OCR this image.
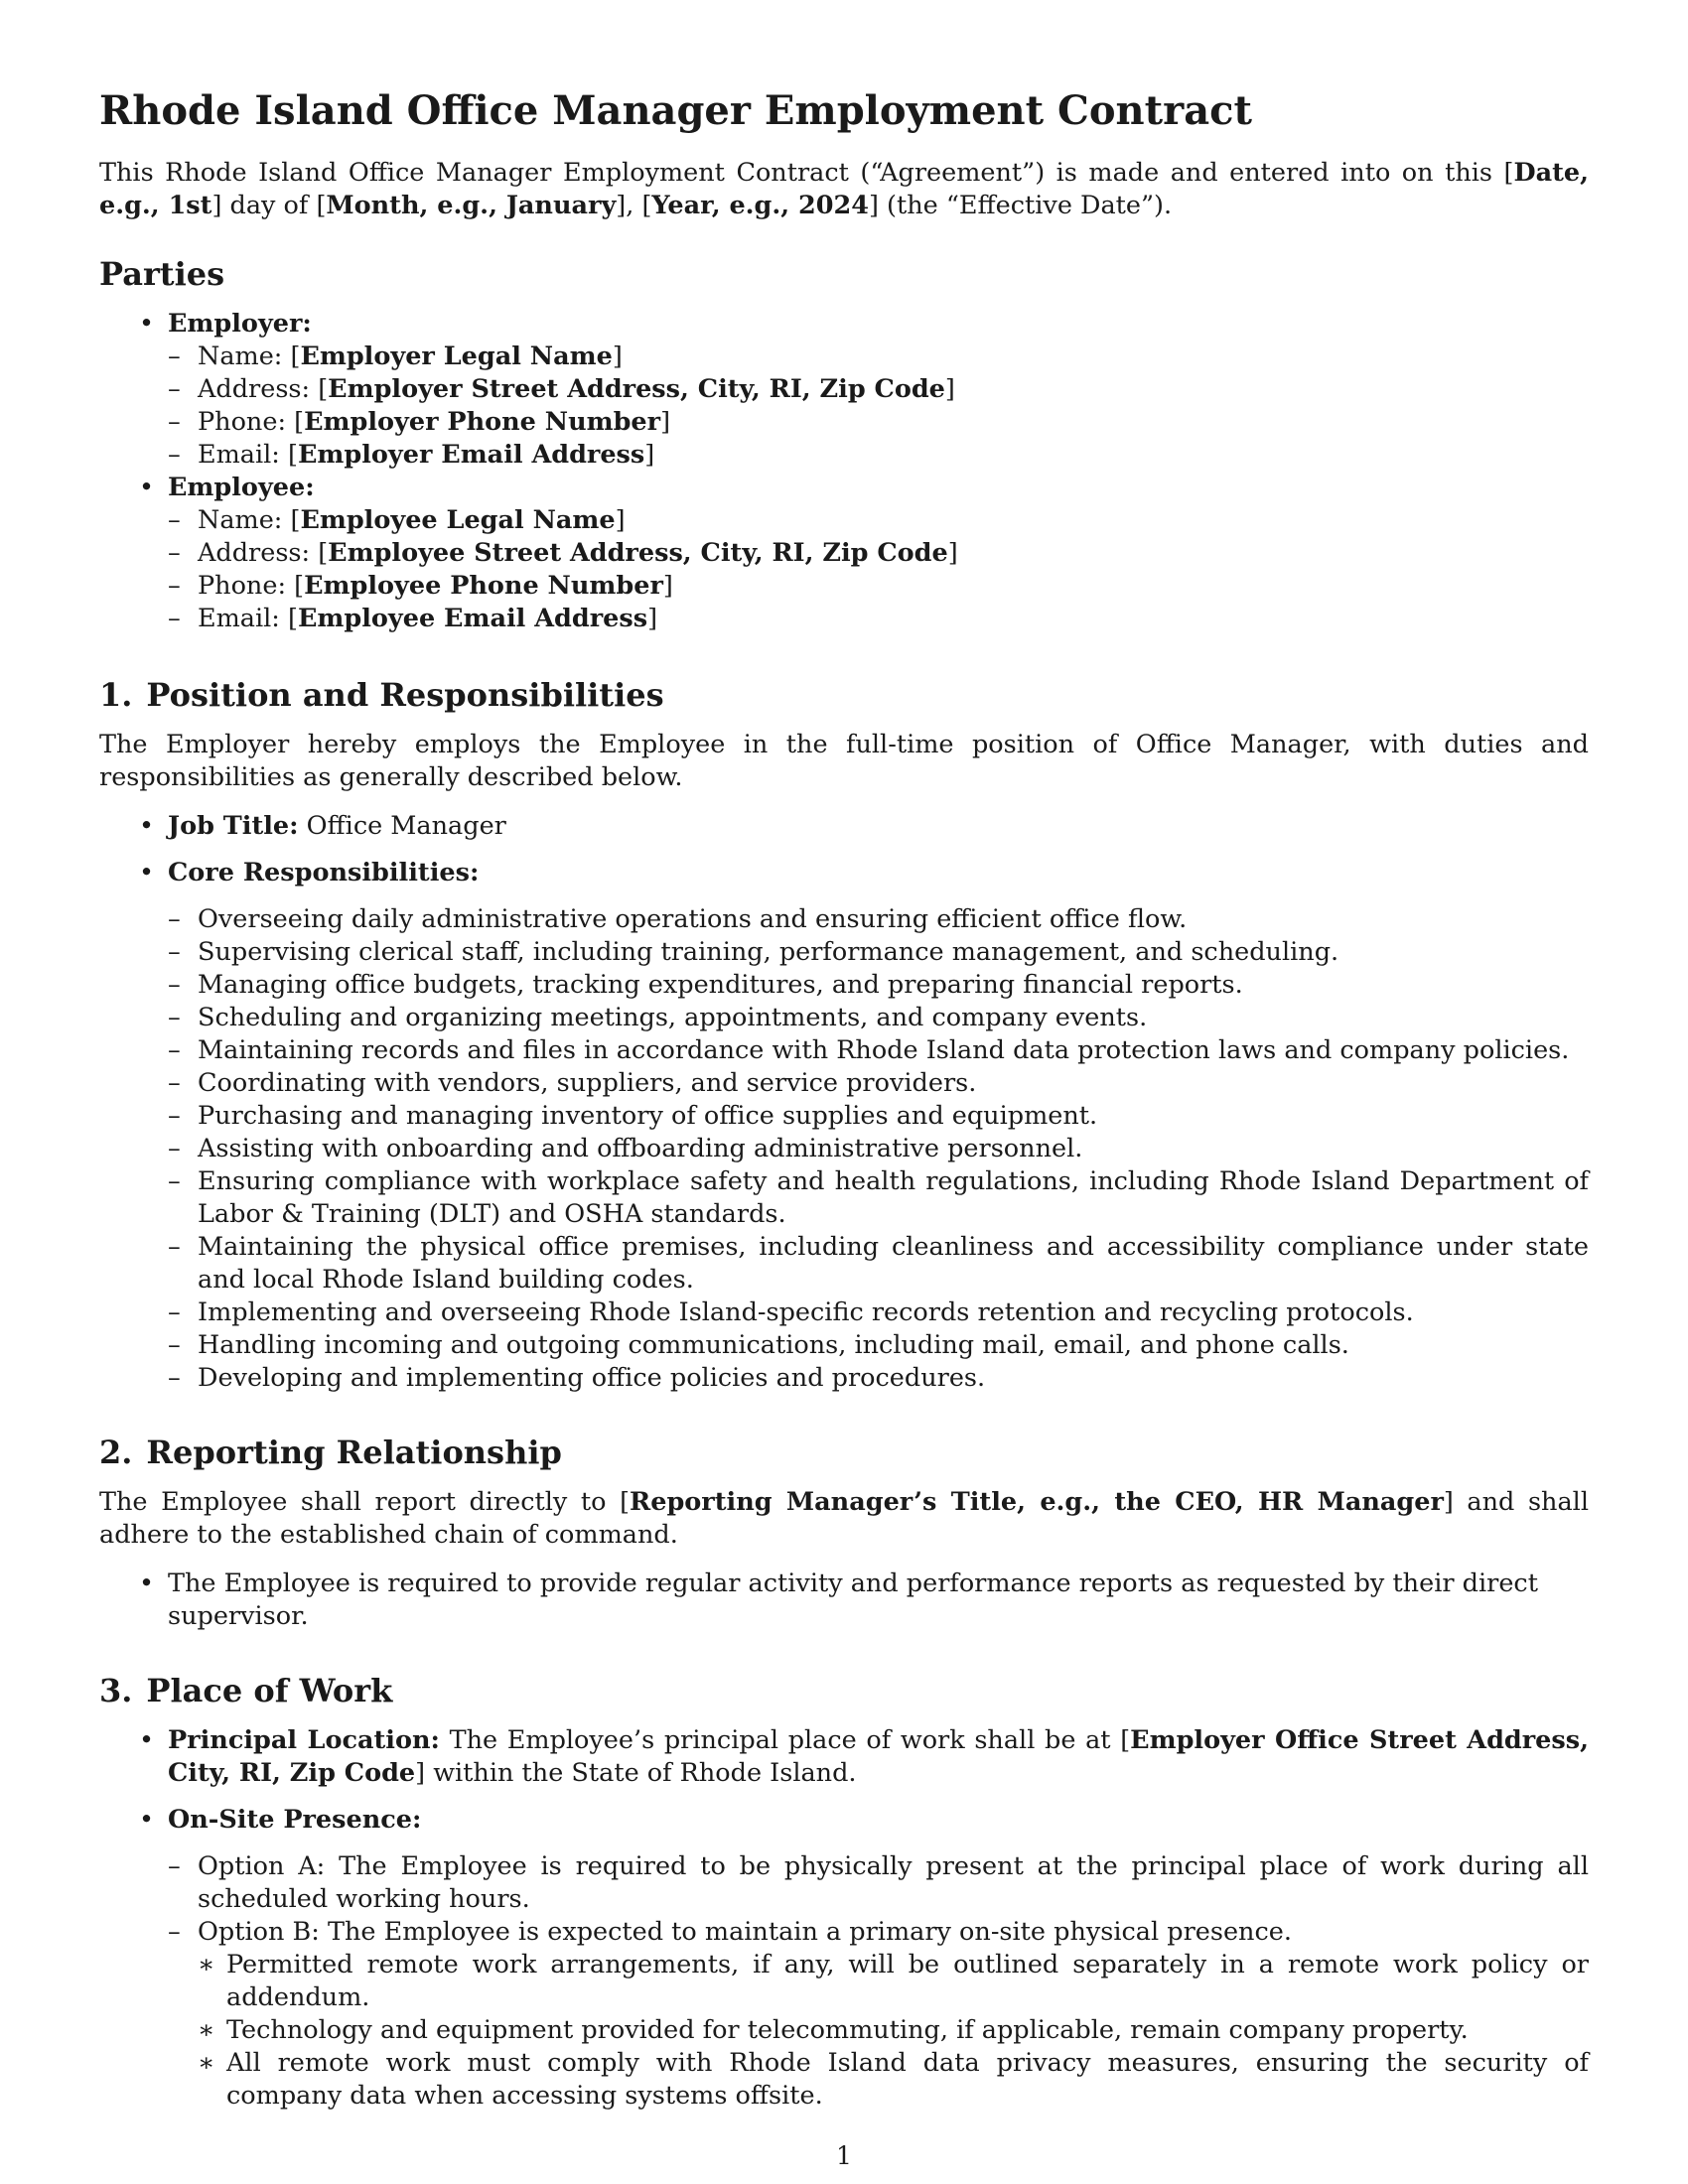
Rhode Island Office Manager Employment Contract

This Rhode Island Office Manager Employment Contract (“Agreement”) is made and entered into on this [Date, e.g., 1st] day of [Month, e.g., January], [Year, e.g., 2024] (the “Effective Date”).

Parties
• Employer:
– Name: [Employer Legal Name]
– Address: [Employer Street Address, City, RI, Zip Code]
– Phone: [Employer Phone Number]
– Email: [Employer Email Address]
• Employee:
– Name: [Employee Legal Name]
– Address: [Employee Street Address, City, RI, Zip Code]
– Phone: [Employee Phone Number]
– Email: [Employee Email Address]
1. Position and Responsibilities

The Employer hereby employs the Employee in the full-time position of Office Manager, with duties and responsibilities as generally described below.

• Job Title: Office Manager
• Core Responsibilities:
– Overseeing daily administrative operations and ensuring efficient office flow.
– Supervising clerical staff, including training, performance management, and scheduling.
– Managing office budgets, tracking expenditures, and preparing financial reports.
– Scheduling and organizing meetings, appointments, and company events.
– Maintaining records and files in accordance with Rhode Island data protection laws and company policies.
– Coordinating with vendors, suppliers, and service providers.
– Purchasing and managing inventory of office supplies and equipment.
– Assisting with onboarding and offboarding administrative personnel.
– Ensuring compliance with workplace safety and health regulations, including Rhode Island Department of Labor & Training (DLT) and OSHA standards.
– Maintaining the physical office premises, including cleanliness and accessibility compliance under state and local Rhode Island building codes.
– Implementing and overseeing Rhode Island-specific records retention and recycling protocols.
– Handling incoming and outgoing communications, including mail, email, and phone calls.
– Developing and implementing office policies and procedures.
2. Reporting Relationship

The Employee shall report directly to [Reporting Manager’s Title, e.g., the CEO, HR Manager] and shall adhere to the established chain of command.

• The Employee is required to provide regular activity and performance reports as requested by their direct supervisor.
3. Place of Work
• Principal Location: The Employee’s principal place of work shall be at [Employer Office Street Address, City, RI, Zip Code] within the State of Rhode Island.
• On-Site Presence:
– Option A: The Employee is required to be physically present at the principal place of work during all scheduled working hours.
– Option B: The Employee is expected to maintain a primary on-site physical presence.
∗ Permitted remote work arrangements, if any, will be outlined separately in a remote work policy or addendum.
∗ Technology and equipment provided for telecommuting, if applicable, remain company property.
∗ All remote work must comply with Rhode Island data privacy measures, ensuring the security of company data when accessing systems offsite.
1
